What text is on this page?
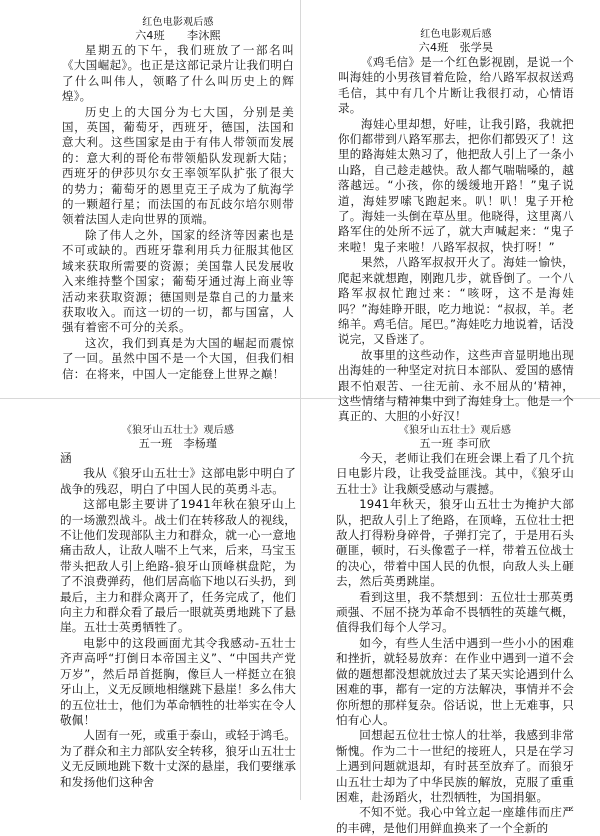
红色电影观后感
六4班　　李沐熙

星期五的下午，我们班放了一部名叫《大国崛起》。也正是这部记录片让我们明白了什么叫伟人，领略了什么叫历史上的辉煌》。

历史上的大国分为七大国，分别是美国，英国，葡萄牙，西班牙，德国，法国和意大利。这些国家是由于有伟人带领而发展的：意大利的哥伦布带领船队发现新大陆；西班牙的伊莎贝尔女王率领军队扩张了很大的势力；葡萄牙的恩里克王子成为了航海学的一颗超行星；而法国的布瓦歧尔培尔则带领着法国人走向世界的顶端。

除了伟人之外，国家的经济等因素也是不可或缺的。西班牙靠利用兵力征服其他区域来获取所需要的资源；美国靠人民发展收入来维持整个国家；葡萄牙通过海上商业等活动来获取资源；德国则是靠自己的力量来获取收入。而这一切的一切，都与国富，人强有着密不可分的关系。

这次，我们到真是为大国的崛起而震惊了一回。虽然中国不是一个大国，但我们相信：在将来，中国人一定能登上世界之巅！

红色电影观后感
六4班　张学昊

《鸡毛信》是一个红色影视剧，是说一个叫海娃的小男孩冒着危险，给八路军叔叔送鸡毛信，其中有几个片断让我很打动，心情语录。

海娃心里却想，好哇，让我引路，我就把你们都带到八路军那去，把你们都毁灭了！这里的路海娃太熟习了，他把敌人引上了一条小山路，自己趁走越快。敌人都气喘喘嗓的，越落越远。“小孩，你的缓缓地开路！”鬼子说道，海娃罗嗦飞跑起来。叭！叭！鬼子开枪了。海娃一头倒在草丛里。他晓得，这里离八路军住的处所不远了，就大声喊起来：“鬼子来啦！鬼子来啦！八路军叔叔，快打呀！”

果然，八路军叔叔开火了。海娃一愉快，爬起来就想跑，刚跑几步，就昏倒了。一个八路军叔叔忙跑过来：“咳呀，这不是海娃吗？”海娃睁开眼，吃力地说：“叔叔，羊。老绵羊。鸡毛信。尾巴。”海娃吃力地说着，话没说完，又昏迷了。

故事里的这些动作，这些声音显明地出现出海娃的一种坚定对抗日本部队、爱国的感情跟不怕艰苦、一往无前、永不屈从的‘精神，这些情绪与精神集中到了海娃身上。他是一个真正的、大胆的小好汉！

《狼牙山五壮士》观后感
五一班　李杨瑾
涵

我从《狼牙山五壮士》这部电影中明白了战争的残忍，明白了中国人民的英勇斗志。

这部电影主要讲了1941年秋在狼牙山上的一场激烈战斗。战士们在转移敌人的视线，不让他们发现部队主力和群众，就一心一意地痛击敌人，让敌人喘不上气来，后来，马宝玉带头把敌人引上绝路-狼牙山顶峰棋盘陀，为了不浪费弹药，他们居高临下地以石头扔，到最后，主力和群众离开了，任务完成了，他们向主力和群众看了最后一眼就英勇地跳下了悬崖。五壮士英勇牺牲了。

电影中的这段画面尤其令我感动-五壮士齐声高呼“打倒日本帝国主义”、“中国共产党万岁”，然后昂首挺胸，像巨人一样挺立在狼牙山上，义无反顾地相继跳下悬崖！多么伟大的五位壮士，他们为革命牺牲的壮举实在令人敬佩！

人固有一死，或重于泰山，或轻于鸿毛。为了群众和主力部队安全转移，狼牙山五壮士义无反顾地跳下数十丈深的悬崖，我们要继承和发扬他们这种舍

《狼牙山五壮士》观后感
五一班 李可欣

今天，老师让我们在班会课上看了几个抗日电影片段，让我受益匪浅。其中，《狼牙山五壮士》让我颇受感动与震撼。

1941年秋天，狼牙山五壮士为掩护大部队，把敌人引上了绝路，在顶峰，五位壮士把敌人打得粉身碎骨，子弹打完了，于是用石头砸匪，顿时，石头像雹子一样，带着五位战士的决心，带着中国人民的仇恨，向敌人头上砸去，然后英勇跳崖。

看到这里，我不禁想到：五位壮士那英勇顽强、不屈不挠为革命不畏牺牲的英雄气概，值得我们每个人学习。

如今，有些人生活中遇到一些小小的困难和挫折，就轻易放弃：在作业中遇到一道不会做的题想都没想就放过去了某天实论遇到什么困难的事，都有一定的方法解决，事情并不会你所想的那样复杂。俗话说，世上无难事，只怕有心人。

回想起五位壮士惊人的壮举，我感到非常惭愧。作为二十一世纪的接班人，只是在学习上遇到问题就退却，有时甚至放弃了。而狼牙山五壮士却为了中华民族的解放，克服了重重困难，赴汤蹈火，壮烈牺牲，为国捐躯。

不知不觉。我心中耸立起一座雄伟而庄严的丰碑，是他们用鲜血换来了一个全新的
